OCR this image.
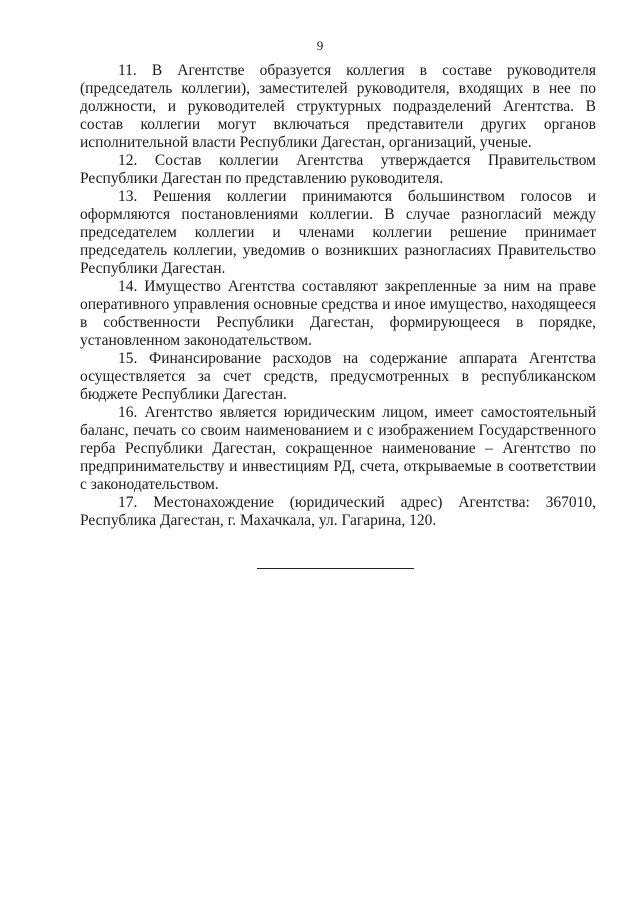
9

11. В Агентстве образуется коллегия в составе руководителя (председатель коллегии), заместителей руководителя, входящих в нее по должности, и руководителей структурных подразделений Агентства. В состав коллегии могут включаться представители других органов исполнительной власти Республики Дагестан, организаций, ученые.

12. Состав коллегии Агентства утверждается Правительством Республики Дагестан по представлению руководителя.

13. Решения коллегии принимаются большинством голосов и оформляются постановлениями коллегии. В случае разногласий между председателем коллегии и членами коллегии решение принимает председатель коллегии, уведомив о возникших разногласиях Правительство Республики Дагестан.

14. Имущество Агентства составляют закрепленные за ним на праве оперативного управления основные средства и иное имущество, находящееся в собственности Республики Дагестан, формирующееся в порядке, установленном законодательством.

15. Финансирование расходов на содержание аппарата Агентства осуществляется за счет средств, предусмотренных в республиканском бюджете Республики Дагестан.

16. Агентство является юридическим лицом, имеет самостоятельный баланс, печать со своим наименованием и с изображением Государственного герба Республики Дагестан, сокращенное наименование – Агентство по предпринимательству и инвестициям РД, счета, открываемые в соответствии с законодательством.

17. Местонахождение (юридический адрес) Агентства: 367010, Республика Дагестан, г. Махачкала, ул. Гагарина, 120.
